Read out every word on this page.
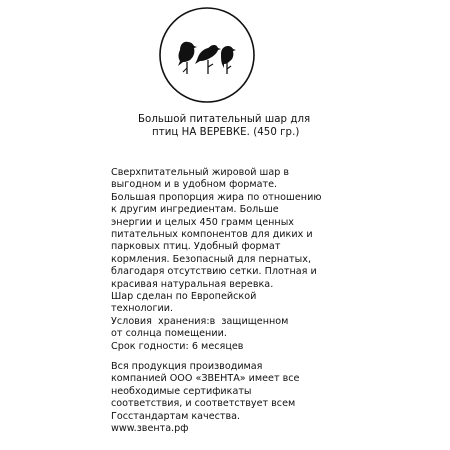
Большой питательный шар для
птиц НА ВЕРЕВКЕ. (450 гр.)
Сверхпитательный жировой шар в
выгодном и в удобном формате.
Большая пропорция жира по отношению
к другим ингредиентам. Больше
энергии и целых 450 грамм ценных
питательных компонентов для диких и
парковых птиц. Удобный формат
кормления. Безопасный для пернатых,
благодаря отсутствию сетки. Плотная и
красивая натуральная веревка.
Шар сделан по Европейской
технологии.
Условия  хранения:в  защищенном
от солнца помещении.
Срок годности: 6 месяцев
Вся продукция производимая
компанией ООО «ЗВЕНТА» имеет все
необходимые сертификаты
соответствия, и соответствует всем
Госстандартам качества.
www.звента.рф
